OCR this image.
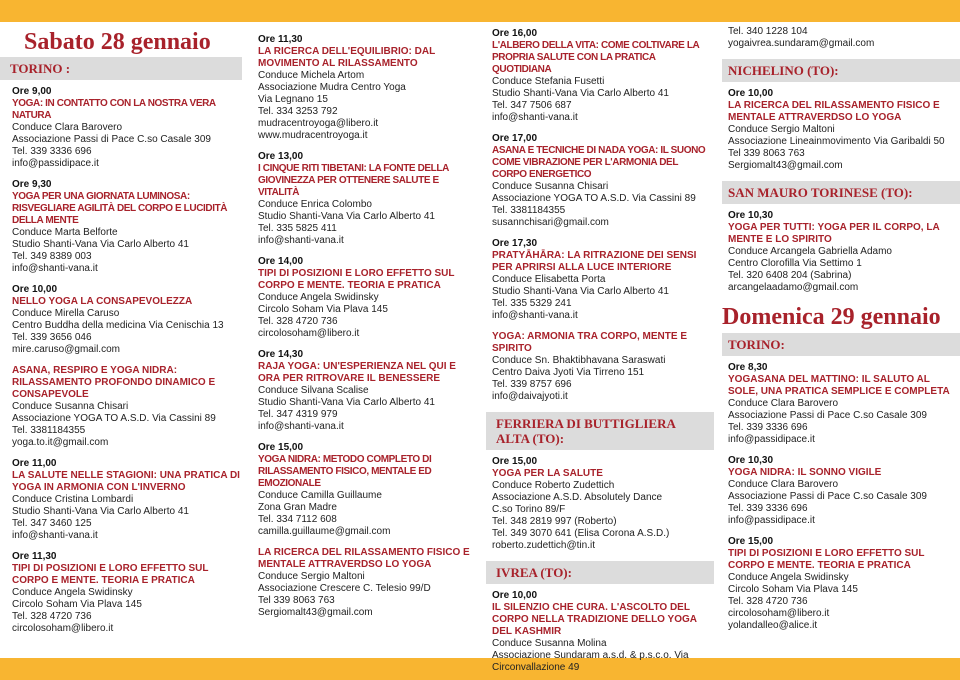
Sabato 28 gennaio
TORINO :
Ore 9,00
YOGA: IN CONTATTO CON LA NOSTRA VERA NATURA
Conduce Clara Barovero
Associazione Passi di Pace C.so Casale 309
Tel. 339 3336 696
info@passidipace.it
Ore 9,30
YOGA PER UNA GIORNATA LUMINOSA: RISVEGLIARE AGILITÀ DEL CORPO E LUCIDITÀ DELLA MENTE
Conduce Marta Belforte
Studio Shanti-Vana Via Carlo Alberto 41
Tel. 349 8389 003
info@shanti-vana.it
Ore 10,00
NELLO YOGA LA CONSAPEVOLEZZA
Conduce Mirella Caruso
Centro Buddha della medicina Via Cenischia 13
Tel. 339 3656 046
mire.caruso@gmail.com
ASANA, RESPIRO E YOGA NIDRA: RILASSAMENTO PROFONDO DINAMICO E CONSAPEVOLE
Conduce Susanna Chisari
Associazione YOGA TO A.S.D. Via Cassini 89
Tel. 3381184355
yoga.to.it@gmail.com
Ore 11,00
LA SALUTE NELLE STAGIONI: UNA PRATICA DI YOGA IN ARMONIA CON L'INVERNO
Conduce Cristina Lombardi
Studio Shanti-Vana Via Carlo Alberto 41
Tel. 347 3460 125
info@shanti-vana.it
Ore 11,30
TIPI DI POSIZIONI E LORO EFFETTO SUL CORPO E MENTE. TEORIA E PRATICA
Conduce Angela Swidinsky
Circolo Soham Via Plava 145
Tel. 328 4720 736
circolosoham@libero.it
Ore 11,30
LA RICERCA DELL'EQUILIBRIO: DAL MOVIMENTO AL RILASSAMENTO
Conduce Michela Artom
Associazione Mudra Centro Yoga
Via Legnano 15
Tel. 334 3253 792
mudracentroyoga@libero.it
www.mudracentroyoga.it
Ore 13,00
I CINQUE RITI TIBETANI: LA FONTE DELLA GIOVINEZZA PER OTTENERE SALUTE E VITALITÀ
Conduce Enrica Colombo
Studio Shanti-Vana Via Carlo Alberto 41
Tel. 335 5825 411
info@shanti-vana.it
Ore 14,00
TIPI DI POSIZIONI E LORO EFFETTO SUL CORPO E MENTE. TEORIA E PRATICA
Conduce Angela Swidinsky
Circolo Soham Via Plava 145
Tel. 328 4720 736
circolosoham@libero.it
Ore 14,30
RAJA YOGA: UN'ESPERIENZA NEL QUI E ORA PER RITROVARE IL BENESSERE
Conduce Silvana Scalise
Studio Shanti-Vana Via Carlo Alberto 41
Tel. 347 4319 979
info@shanti-vana.it
Ore 15,00
YOGA NIDRA: METODO COMPLETO DI RILASSAMENTO FISICO, MENTALE ED EMOZIONALE
Conduce Camilla Guillaume
Zona Gran Madre
Tel. 334 7112 608
camilla.guillaume@gmail.com
LA RICERCA DEL RILASSAMENTO FISICO E MENTALE ATTRAVERDSO LO YOGA
Conduce Sergio Maltoni
Associazione Crescere C. Telesio 99/D
Tel 339 8063 763
Sergiomalt43@gmail.com
Ore 16,00
L'ALBERO DELLA VITA: COME COLTIVARE LA PROPRIA SALUTE CON LA PRATICA QUOTIDIANA
Conduce Stefania Fusetti
Studio Shanti-Vana Via Carlo Alberto 41
Tel. 347 7506 687
info@shanti-vana.it
Ore 17,00
ASANA E TECNICHE DI NADA YOGA: IL SUONO COME VIBRAZIONE PER L'ARMONIA DEL CORPO ENERGETICO
Conduce Susanna Chisari
Associazione YOGA TO A.S.D. Via Cassini 89
Tel. 3381184355
susannchisari@gmail.com
Ore 17,30
PRATYĀHĀRA: LA RITRAZIONE DEI SENSI PER APRIRSI ALLA LUCE INTERIORE
Conduce Elisabetta Porta
Studio Shanti-Vana Via Carlo Alberto 41
Tel. 335 5329 241
info@shanti-vana.it
YOGA: ARMONIA TRA CORPO, MENTE E SPIRITO
Conduce Sn. Bhaktibhavana Saraswati
Centro Daiva Jyoti Via Tirreno 151
Tel. 339 8757 696
info@daivajyoti.it
FERRIERA DI BUTTIGLIERA ALTA (TO):
Ore 15,00
YOGA PER LA SALUTE
Conduce Roberto Zudettich
Associazione A.S.D. Absolutely Dance
C.so Torino 89/F
Tel. 348 2819 997 (Roberto)
Tel. 349 3070 641 (Elisa Corona A.S.D.)
roberto.zudettich@tin.it
IVREA (TO):
Ore 10,00
IL SILENZIO CHE CURA. L'ASCOLTO DEL CORPO NELLA TRADIZIONE DELLO YOGA DEL KASHMIR
Conduce Susanna Molina
Associazione Sundaram a.s.d. & p.s.c.o. Via Circonvallazione 49
Tel. 340 1228 104
yogaivrea.sundaram@gmail.com
NICHELINO (TO):
Ore 10,00
LA RICERCA DEL RILASSAMENTO FISICO E MENTALE ATTRAVERDSO LO YOGA
Conduce Sergio Maltoni
Associazione Lineainmovimento Via Garibaldi 50
Tel 339 8063 763
Sergiomalt43@gmail.com
SAN MAURO TORINESE (TO):
Ore 10,30
YOGA PER TUTTI: YOGA PER IL CORPO, LA MENTE E LO SPIRITO
Conduce Arcangela Gabriella Adamo
Centro Clorofilla Via Settimo 1
Tel. 320 6408 204 (Sabrina)
arcangelaadamo@gmail.com
Domenica 29 gennaio
TORINO:
Ore 8,30
YOGASANA DEL MATTINO: IL SALUTO AL SOLE, UNA PRATICA SEMPLICE E COMPLETA
Conduce Clara Barovero
Associazione Passi di Pace C.so Casale 309
Tel. 339 3336 696
info@passidipace.it
Ore 10,30
YOGA NIDRA: IL SONNO VIGILE
Conduce Clara Barovero
Associazione Passi di Pace C.so Casale 309
Tel. 339 3336 696
info@passidipace.it
Ore 15,00
TIPI DI POSIZIONI E LORO EFFETTO SUL CORPO E MENTE. TEORIA E PRATICA
Conduce Angela Swidinsky
Circolo Soham Via Plava 145
Tel. 328 4720 736
circolosoham@libero.it
yolandalleo@alice.it
